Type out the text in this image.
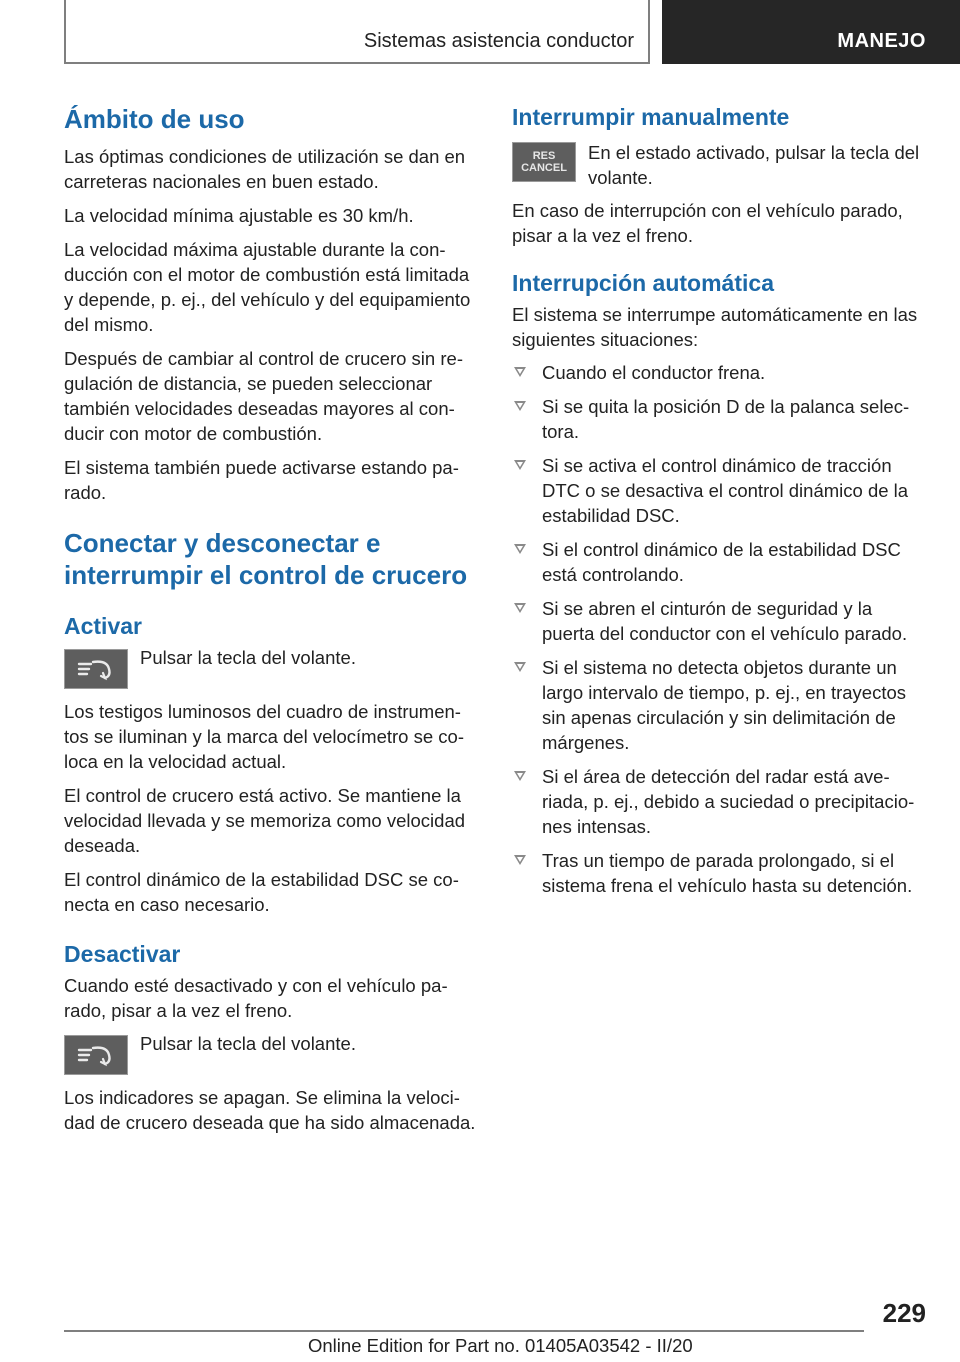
Sistemas asistencia conductor	MANEJO
Ámbito de uso

Las óptimas condiciones de utilización se dan en carreteras nacionales en buen estado.

La velocidad mínima ajustable es 30 km/h.

La velocidad máxima ajustable durante la conducción con el motor de combustión está limitada y depende, p. ej., del vehículo y del equipamiento del mismo.

Después de cambiar al control de crucero sin regulación de distancia, se pueden seleccionar también velocidades deseadas mayores al conducir con motor de combustión.

El sistema también puede activarse estando parado.

Conectar y desconectar e interrumpir el control de crucero
Activar

Pulsar la tecla del volante.

Los testigos luminosos del cuadro de instrumentos se iluminan y la marca del velocímetro se coloca en la velocidad actual.

El control de crucero está activo. Se mantiene la velocidad llevada y se memoriza como velocidad deseada.

El control dinámico de la estabilidad DSC se conecta en caso necesario.

Desactivar

Cuando esté desactivado y con el vehículo parado, pisar a la vez el freno.

Pulsar la tecla del volante.

Los indicadores se apagan. Se elimina la velocidad de crucero deseada que ha sido almacenada.

Interrumpir manualmente
RES
CANCEL

En el estado activado, pulsar la tecla del volante.

En caso de interrupción con el vehículo parado, pisar a la vez el freno.

Interrupción automática

El sistema se interrumpe automáticamente en las siguientes situaciones:

Cuando el conductor frena.
Si se quita la posición D de la palanca selectora.
Si se activa el control dinámico de tracción DTC o se desactiva el control dinámico de la estabilidad DSC.
Si el control dinámico de la estabilidad DSC está controlando.
Si se abren el cinturón de seguridad y la puerta del conductor con el vehículo parado.
Si el sistema no detecta objetos durante un largo intervalo de tiempo, p. ej., en trayectos sin apenas circulación y sin delimitación de márgenes.
Si el área de detección del radar está averiada, p. ej., debido a suciedad o precipitaciones intensas.
Tras un tiempo de parada prolongado, si el sistema frena el vehículo hasta su detención.
229
Online Edition for Part no. 01405A03542 - II/20
